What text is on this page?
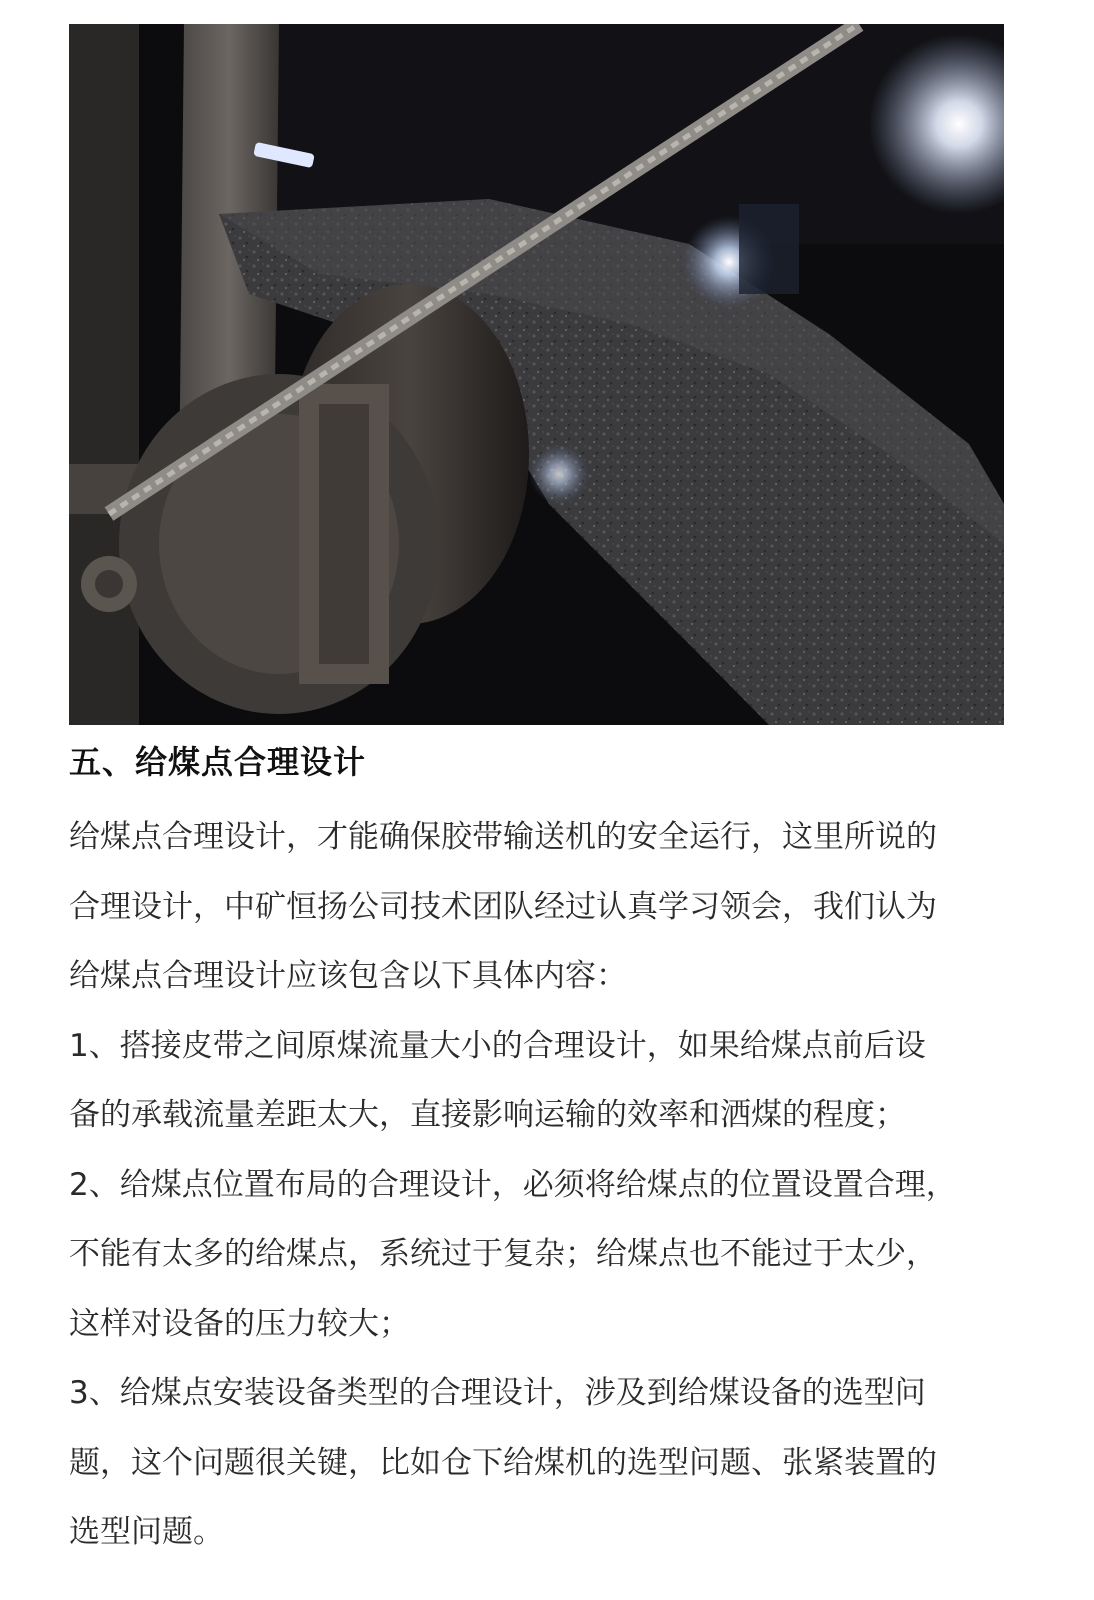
五、给煤点合理设计
给煤点合理设计，才能确保胶带输送机的安全运行，这里所说的
合理设计，中矿恒扬公司技术团队经过认真学习领会，我们认为
给煤点合理设计应该包含以下具体内容：
1、搭接皮带之间原煤流量大小的合理设计，如果给煤点前后设
备的承载流量差距太大，直接影响运输的效率和洒煤的程度；
2、给煤点位置布局的合理设计，必须将给煤点的位置设置合理，
不能有太多的给煤点，系统过于复杂；给煤点也不能过于太少，
这样对设备的压力较大；
3、给煤点安装设备类型的合理设计，涉及到给煤设备的选型问
题，这个问题很关键，比如仓下给煤机的选型问题、张紧装置的
选型问题。
